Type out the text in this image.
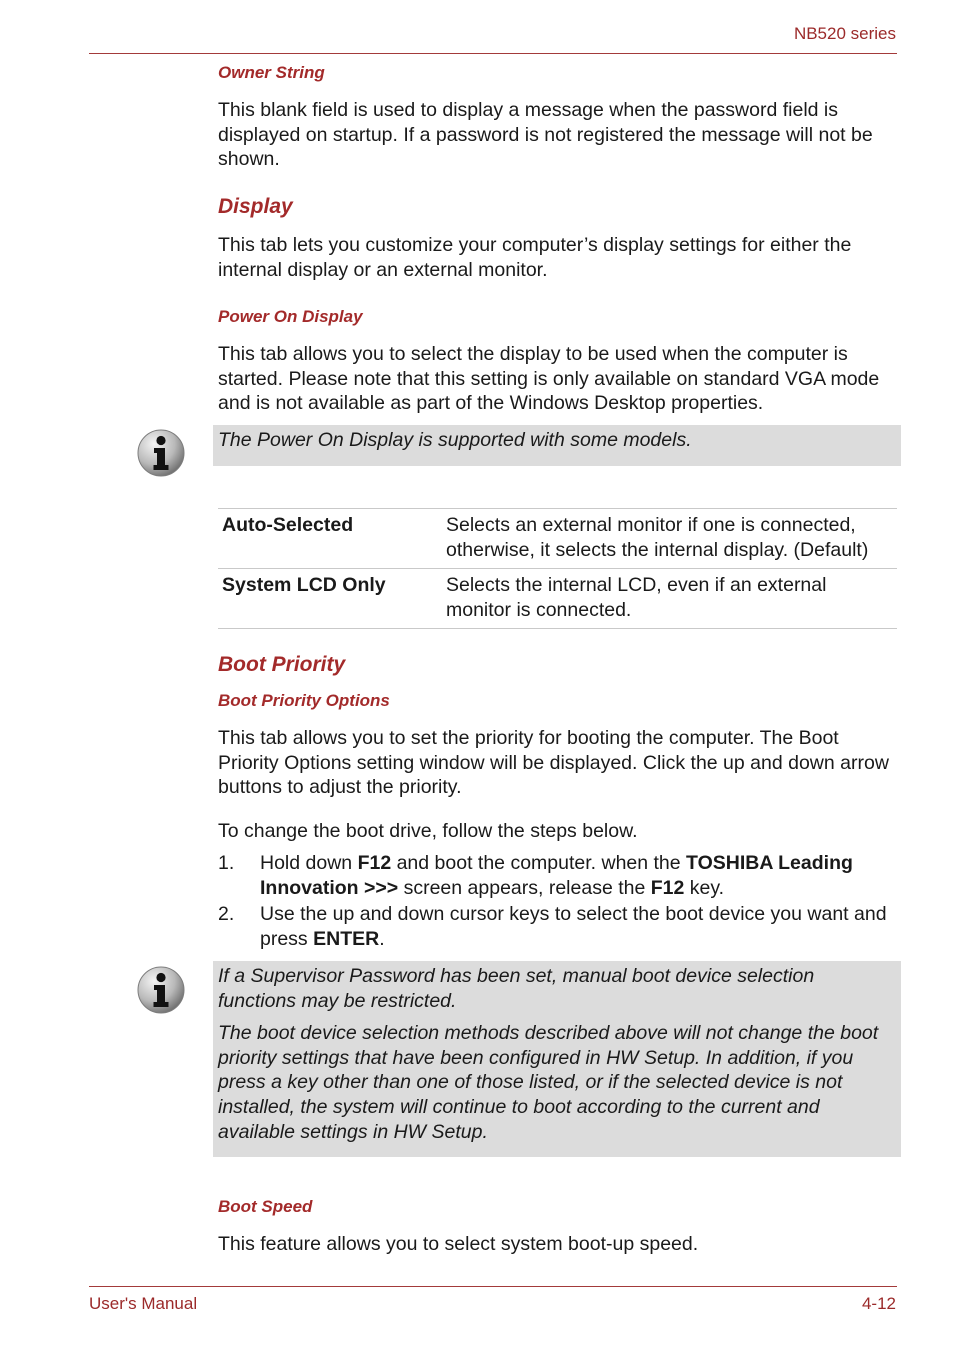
NB520 series
Owner String

This blank field is used to display a message when the password field is displayed on startup. If a password is not registered the message will not be shown.

Display

This tab lets you customize your computer’s display settings for either the internal display or an external monitor.

Power On Display

This tab allows you to select the display to be used when the computer is started. Please note that this setting is only available on standard VGA mode and is not available as part of the Windows Desktop properties.

The Power On Display is supported with some models.

Auto-Selected	Selects an external monitor if one is connected, otherwise, it selects the internal display. (Default)
System LCD Only	Selects the internal LCD, even if an external monitor is connected.
Boot Priority
Boot Priority Options

This tab allows you to set the priority for booting the computer. The Boot Priority Options setting window will be displayed. Click the up and down arrow buttons to adjust the priority.

To change the boot drive, follow the steps below.

1. Hold down F12 and boot the computer. when the TOSHIBA Leading Innovation >>> screen appears, release the F12 key.
2. Use the up and down cursor keys to select the boot device you want and press ENTER.

If a Supervisor Password has been set, manual boot device selection functions may be restricted.

The boot device selection methods described above will not change the boot priority settings that have been configured in HW Setup. In addition, if you press a key other than one of those listed, or if the selected device is not installed, the system will continue to boot according to the current and available settings in HW Setup.

Boot Speed

This feature allows you to select system boot-up speed.

User's Manual	4-12
